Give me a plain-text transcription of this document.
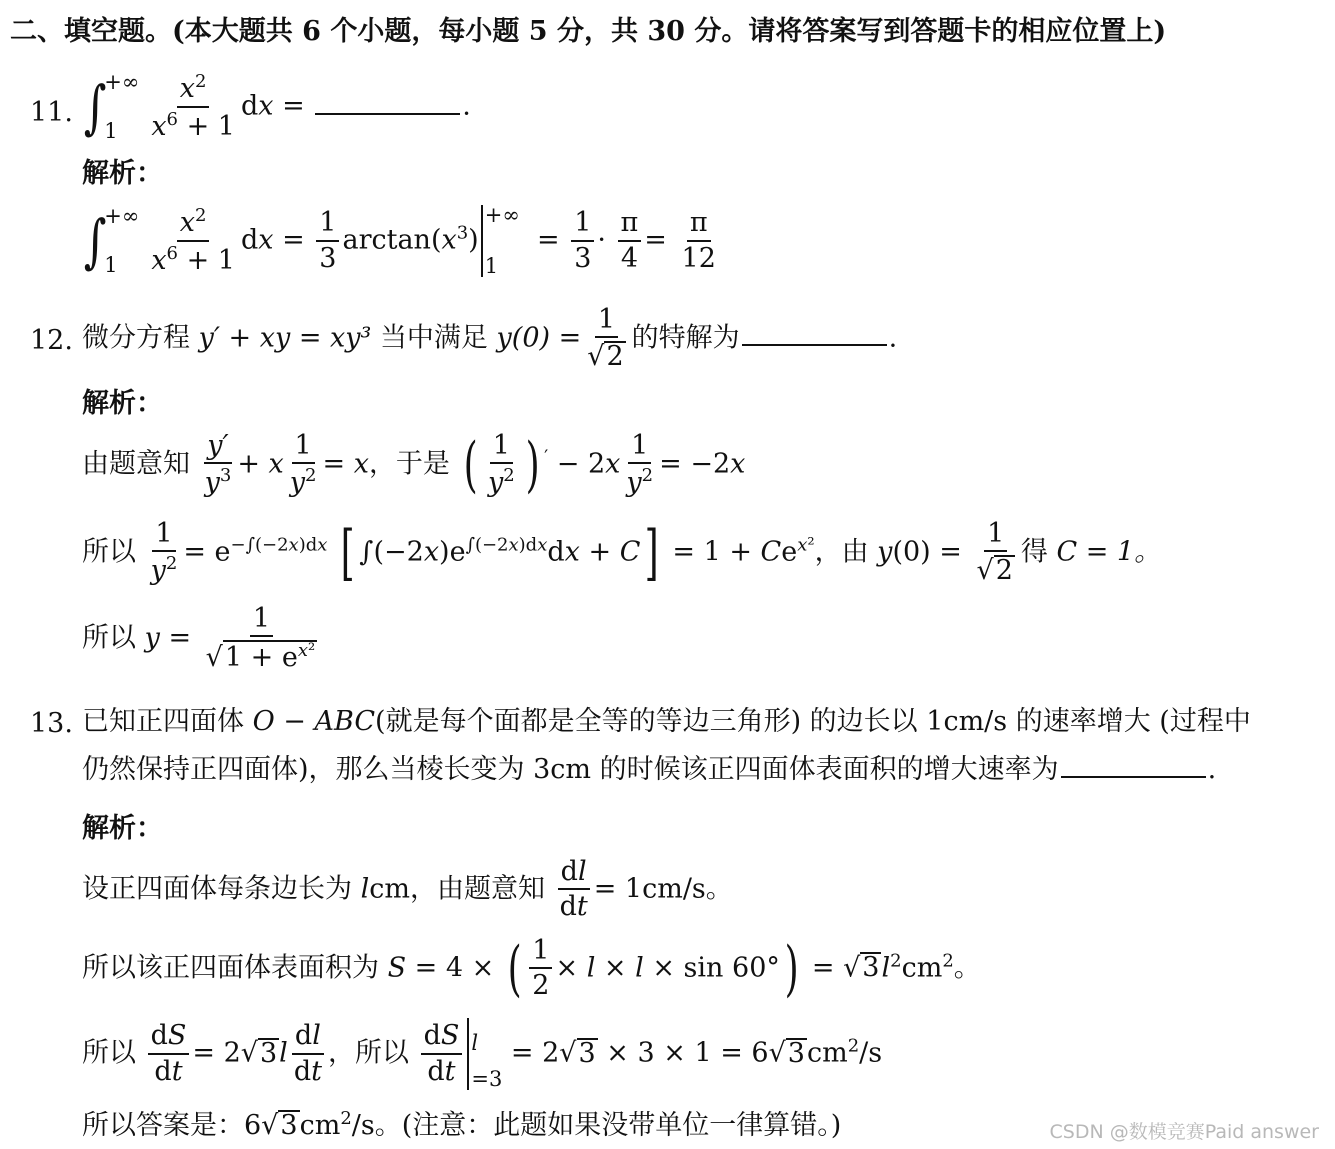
二、填空题。(本大题共 6 个小题，每小题 5 分，共 30 分。请将答案写到答题卡的相应位置上)
11. ∫
+∞
1	$\frac{x^2}{x^6 + 1}$ dx =	.
解析：
∫
+∞
1	$\frac{x^2}{x^6 + 1}$ dx = $\frac{1}{3} \arctan(x^3)$
+∞
1
= $\frac{1}{3} \cdot \frac{\pi}{4} = \frac{\pi}{12}$
12. 微分方程 y′ + xy = xy³ 当中满足 $y(0) = \frac{1}{√2}$ 的特解为	.
解析：
由题意知 $\frac{y'}{y^3} + x \frac{1}{y^2} = x$，于是 ( $\frac{1}{y^2}$ ) $' - 2x \frac{1}{y^2} = -2x$
所以 $\frac{1}{y^2} = e^{-\int(-2x)dx}$ [ $\int(-2x)e^{\int(-2x)dx}dx + C] = 1 + Ce^{x^2}$，由 $y(0) = \frac{1}{√2}$ 得 C = 1。
所以 $y = \frac{1}{√1 + e^{x^2}}$
13. 已知正四面体 O − ABC(就是每个面都是全等的等边三角形) 的边长以 1cm/s 的速率增大 (过程中
仍然保持正四面体)，那么当棱长变为 3cm 的时候该正四面体表面积的增大速率为	.
解析：
设正四面体每条边长为 lcm，由题意知 $\frac{dl}{dt} = 1cm/s$。
所以该正四面体表面积为 S = 4 × ( $\frac{1}{2} \times l \times l \times \sin 60^\circ) = √3l^2cm^2$。
所以 $\frac{dS}{dt} = 2√3l \frac{dl}{dt}$ ，所以 $\frac{dS}{dt}$ l
$=3 = 2√3 \times 3 \times 1 = 6√3cm^2/s$
所以答案是：$6√3cm^2/s$。(注意：此题如果没带单位一律算错。)	CSDN @数模竞赛Paid answer
